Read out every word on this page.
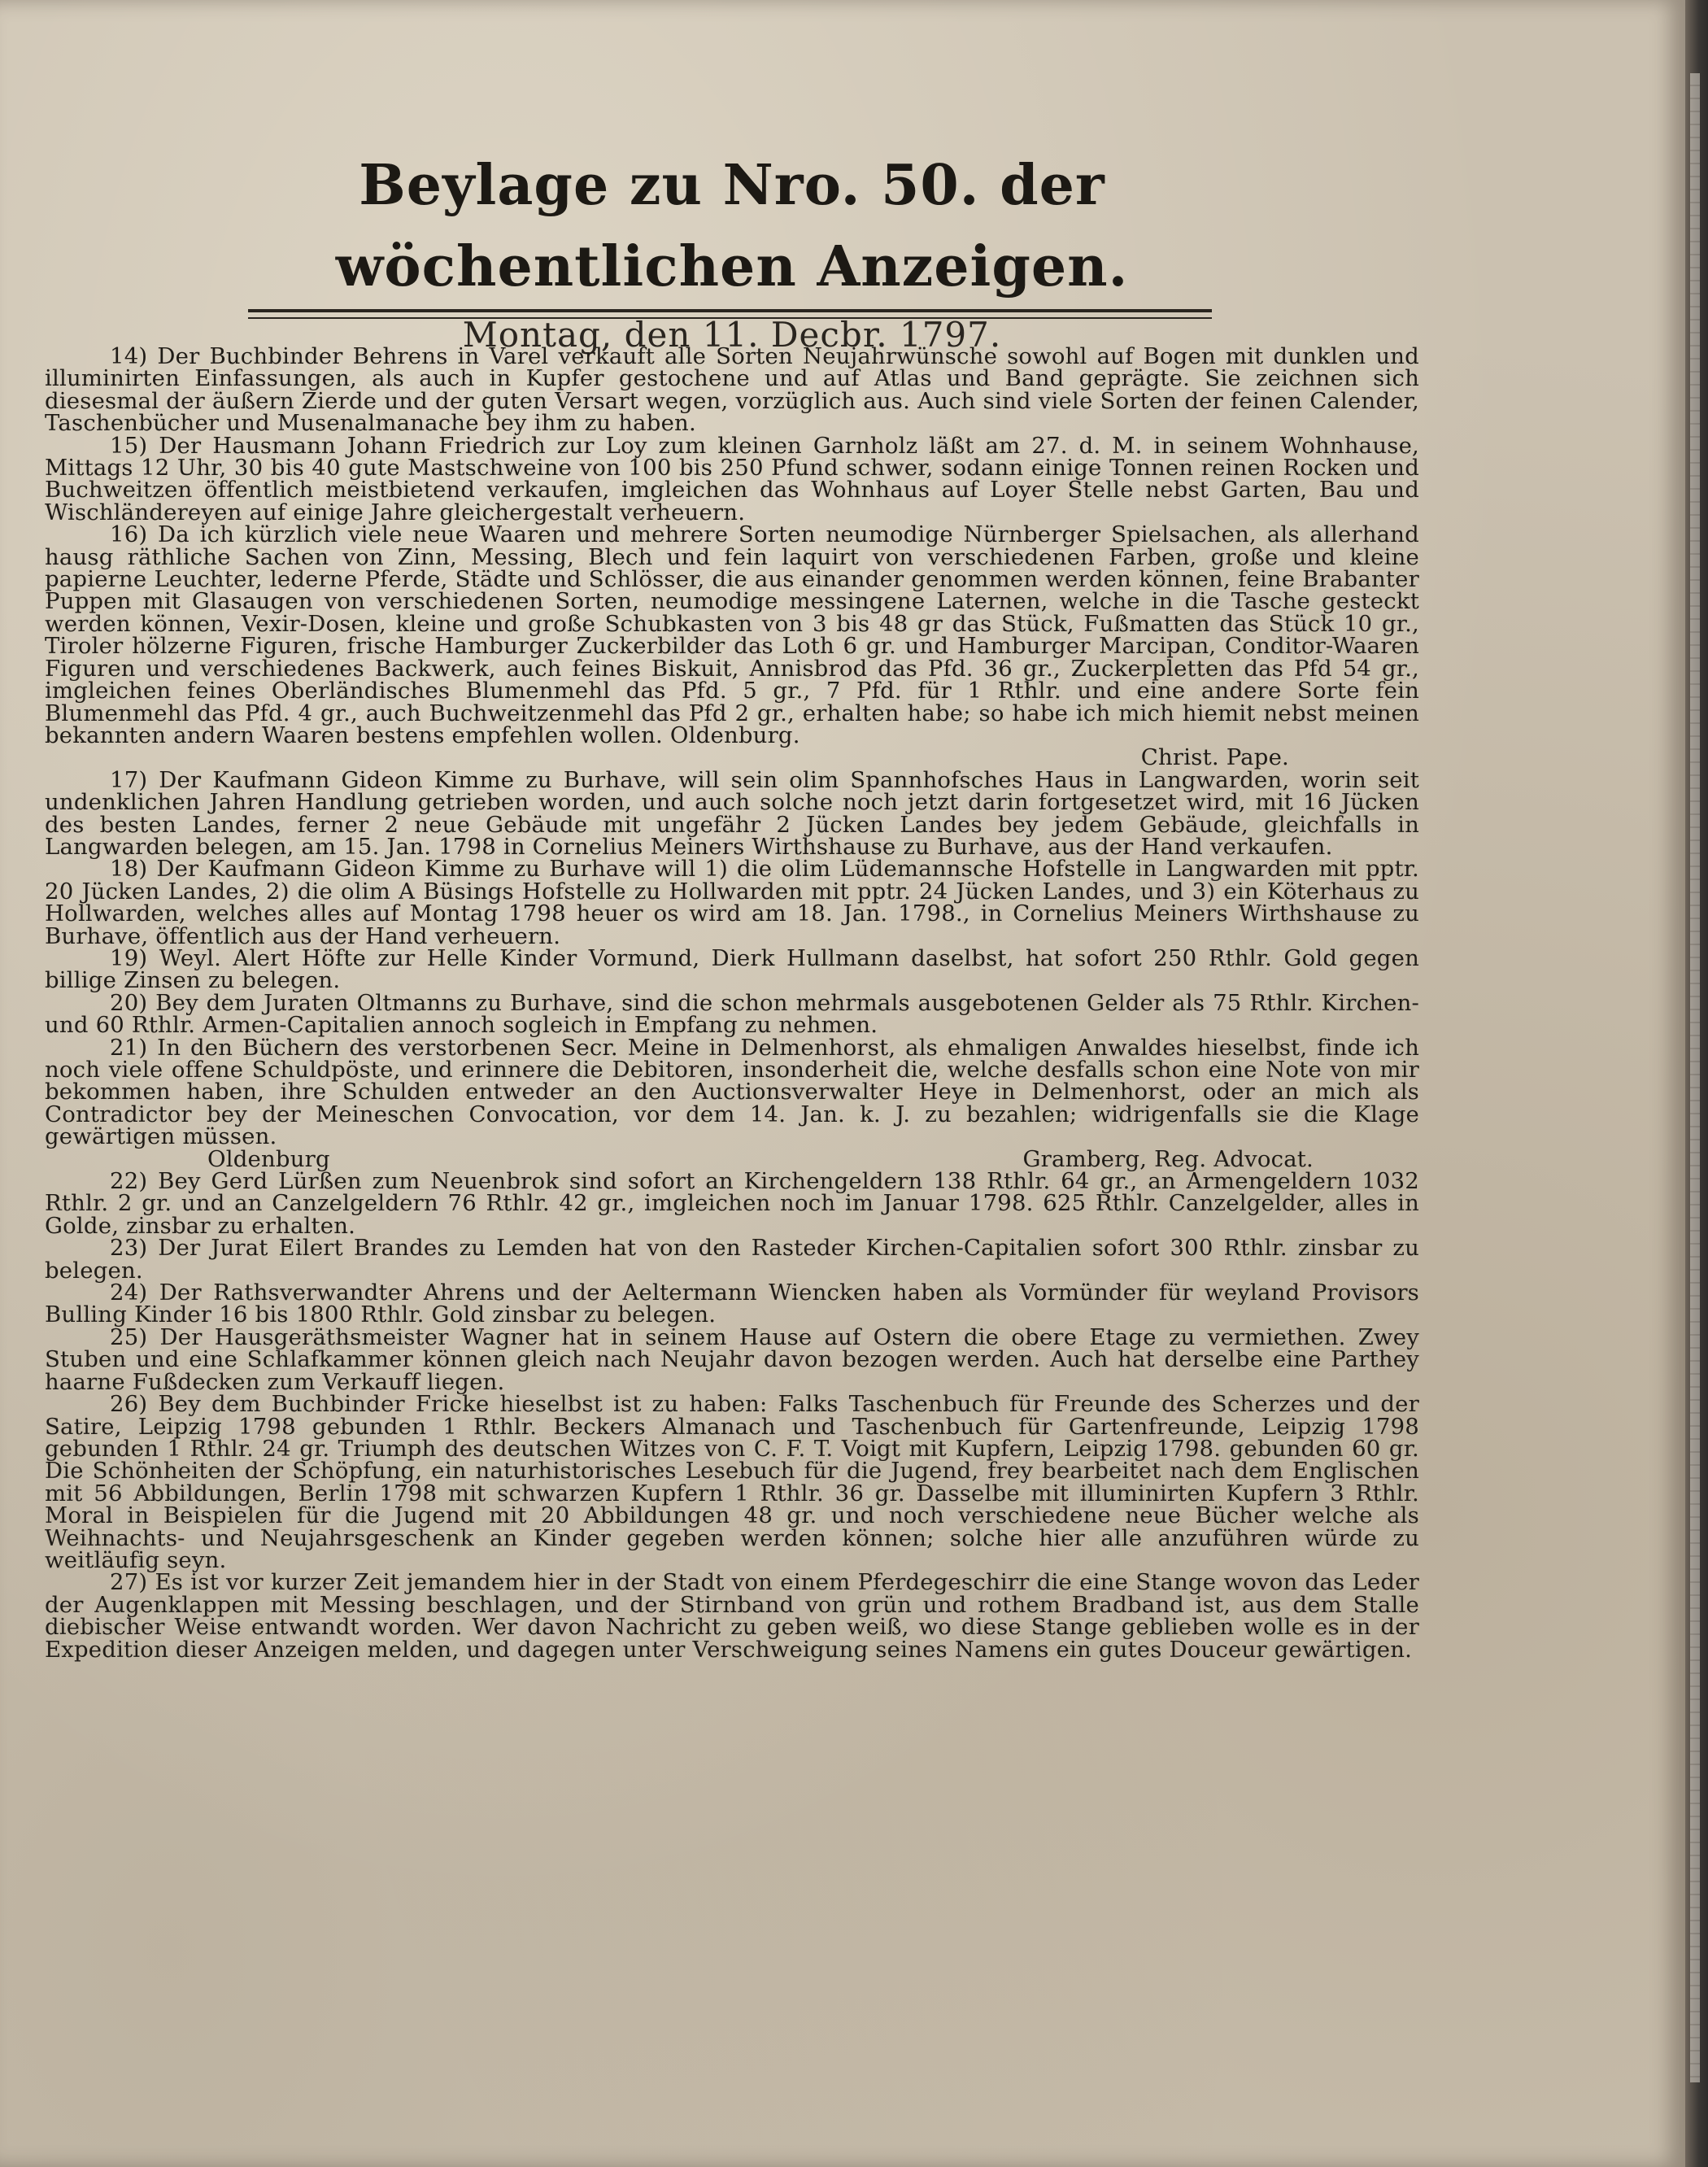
Beylage zu Nro. 50. der wöchentlichen Anzeigen.

Montag, den 11. Decbr. 1797.

14) Der Buchbinder Behrens in Varel verkauft alle Sorten Neujahrwünsche sowohl auf Bogen mit dunklen und illuminirten Einfassungen, als auch in Kupfer gestochene und auf Atlas und Band geprägte. Sie zeichnen sich diesesmal der äußern Zierde und der guten Versart wegen, vorzüglich aus. Auch sind viele Sorten der feinen Calender, Taschenbücher und Musenalmanache bey ihm zu haben.

15) Der Hausmann Johann Friedrich zur Loy zum kleinen Garnholz läßt am 27. d. M. in seinem Wohnhause, Mittags 12 Uhr, 30 bis 40 gute Mastschweine von 100 bis 250 Pfund schwer, sodann einige Tonnen reinen Rocken und Buchweitzen öffentlich meistbietend verkaufen, imgleichen das Wohnhaus auf Loyer Stelle nebst Garten, Bau und Wischländereyen auf einige Jahre gleichergestalt verheuern.

16) Da ich kürzlich viele neue Waaren und mehrere Sorten neumodige Nürnberger Spielsachen, als allerhand hausg räthliche Sachen von Zinn, Messing, Blech und fein laquirt von verschiedenen Farben, große und kleine papierne Leuchter, lederne Pferde, Städte und Schlösser, die aus einander genommen werden können, feine Brabanter Puppen mit Glasaugen von verschiedenen Sorten, neumodige messingene Laternen, welche in die Tasche gesteckt werden können, Vexir-Dosen, kleine und große Schubkasten von 3 bis 48 gr das Stück, Fußmatten das Stück 10 gr., Tiroler hölzerne Figuren, frische Hamburger Zuckerbilder das Loth 6 gr. und Hamburger Marcipan, Conditor-Waaren Figuren und verschiedenes Backwerk, auch feines Biskuit, Annisbrod das Pfd. 36 gr., Zuckerpletten das Pfd 54 gr., imgleichen feines Oberländisches Blumenmehl das Pfd. 5 gr., 7 Pfd. für 1 Rthlr. und eine andere Sorte fein Blumenmehl das Pfd. 4 gr., auch Buchweitzenmehl das Pfd 2 gr., erhalten habe; so habe ich mich hiemit nebst meinen bekannten andern Waaren bestens empfehlen wollen. Oldenburg.

Christ. Pape.

17) Der Kaufmann Gideon Kimme zu Burhave, will sein olim Spannhofsches Haus in Langwarden, worin seit undenklichen Jahren Handlung getrieben worden, und auch solche noch jetzt darin fortgesetzet wird, mit 16 Jücken des besten Landes, ferner 2 neue Gebäude mit ungefähr 2 Jücken Landes bey jedem Gebäude, gleichfalls in Langwarden belegen, am 15. Jan. 1798 in Cornelius Meiners Wirthshause zu Burhave, aus der Hand verkaufen.

18) Der Kaufmann Gideon Kimme zu Burhave will 1) die olim Lüdemannsche Hofstelle in Langwarden mit pptr. 20 Jücken Landes, 2) die olim A Büsings Hofstelle zu Hollwarden mit pptr. 24 Jücken Landes, und 3) ein Köterhaus zu Hollwarden, welches alles auf Montag 1798 heuer os wird am 18. Jan. 1798., in Cornelius Meiners Wirthshause zu Burhave, öffentlich aus der Hand verheuern.

19) Weyl. Alert Höfte zur Helle Kinder Vormund, Dierk Hullmann daselbst, hat sofort 250 Rthlr. Gold gegen billige Zinsen zu belegen.

20) Bey dem Juraten Oltmanns zu Burhave, sind die schon mehrmals ausgebotenen Gelder als 75 Rthlr. Kirchen- und 60 Rthlr. Armen-Capitalien annoch sogleich in Empfang zu nehmen.

21) In den Büchern des verstorbenen Secr. Meine in Delmenhorst, als ehmaligen Anwaldes hieselbst, finde ich noch viele offene Schuldpöste, und erinnere die Debitoren, insonderheit die, welche desfalls schon eine Note von mir bekommen haben, ihre Schulden entweder an den Auctionsverwalter Heye in Delmenhorst, oder an mich als Contradictor bey der Meineschen Convocation, vor dem 14. Jan. k. J. zu bezahlen; widrigenfalls sie die Klage gewärtigen müssen.

Oldenburg	Gramberg, Reg. Advocat.

22) Bey Gerd Lürßen zum Neuenbrok sind sofort an Kirchengeldern 138 Rthlr. 64 gr., an Armengeldern 1032 Rthlr. 2 gr. und an Canzelgeldern 76 Rthlr. 42 gr., imgleichen noch im Januar 1798. 625 Rthlr. Canzelgelder, alles in Golde, zinsbar zu erhalten.

23) Der Jurat Eilert Brandes zu Lemden hat von den Rasteder Kirchen-Capitalien sofort 300 Rthlr. zinsbar zu belegen.

24) Der Rathsverwandter Ahrens und der Aeltermann Wiencken haben als Vormünder für weyland Provisors Bulling Kinder 16 bis 1800 Rthlr. Gold zinsbar zu belegen.

25) Der Hausgeräthsmeister Wagner hat in seinem Hause auf Ostern die obere Etage zu vermiethen. Zwey Stuben und eine Schlafkammer können gleich nach Neujahr davon bezogen werden. Auch hat derselbe eine Parthey haarne Fußdecken zum Verkauff liegen.

26) Bey dem Buchbinder Fricke hieselbst ist zu haben: Falks Taschenbuch für Freunde des Scherzes und der Satire, Leipzig 1798 gebunden 1 Rthlr. Beckers Almanach und Taschenbuch für Gartenfreunde, Leipzig 1798 gebunden 1 Rthlr. 24 gr. Triumph des deutschen Witzes von C. F. T. Voigt mit Kupfern, Leipzig 1798. gebunden 60 gr. Die Schönheiten der Schöpfung, ein naturhistorisches Lesebuch für die Jugend, frey bearbeitet nach dem Englischen mit 56 Abbildungen, Berlin 1798 mit schwarzen Kupfern 1 Rthlr. 36 gr. Dasselbe mit illuminirten Kupfern 3 Rthlr. Moral in Beispielen für die Jugend mit 20 Abbildungen 48 gr. und noch verschiedene neue Bücher welche als Weihnachts- und Neujahrsgeschenk an Kinder gegeben werden können; solche hier alle anzuführen würde zu weitläufig seyn.

27) Es ist vor kurzer Zeit jemandem hier in der Stadt von einem Pferdegeschirr die eine Stange wovon das Leder der Augenklappen mit Messing beschlagen, und der Stirnband von grün und rothem Bradband ist, aus dem Stalle diebischer Weise entwandt worden. Wer davon Nachricht zu geben weiß, wo diese Stange geblieben wolle es in der Expedition dieser Anzeigen melden, und dagegen unter Verschweigung seines Namens ein gutes Douceur gewärtigen.
